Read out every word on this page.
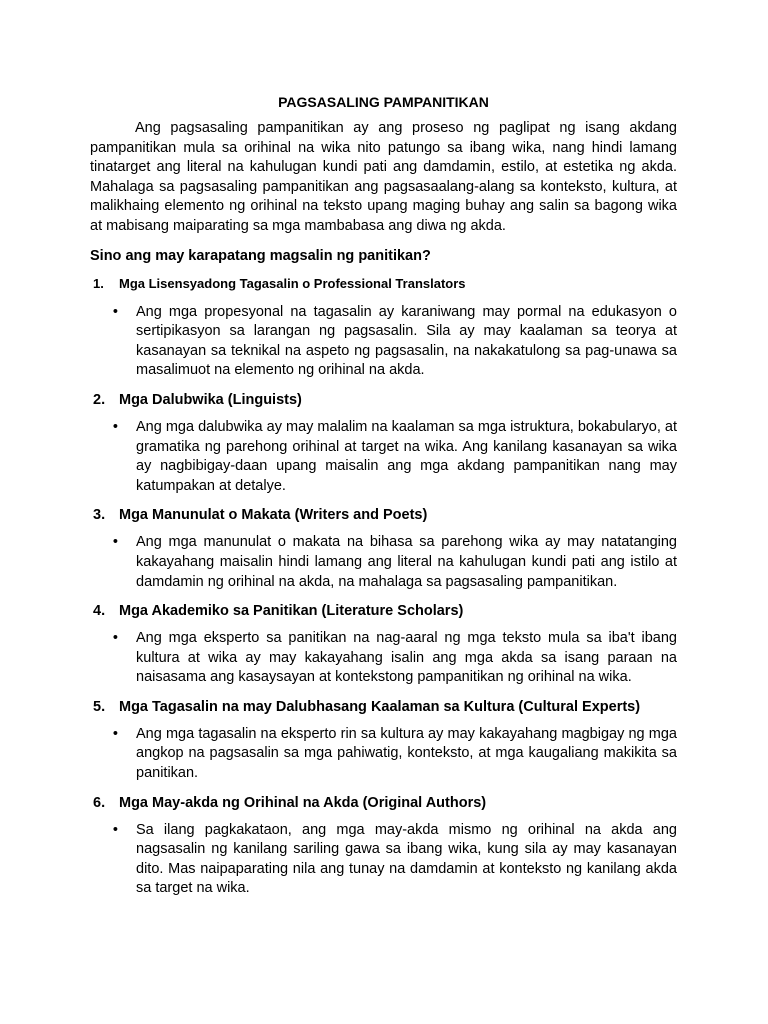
PAGSASALING PAMPANITIKAN
Ang pagsasaling pampanitikan ay ang proseso ng paglipat ng isang akdang pampanitikan mula sa orihinal na wika nito patungo sa ibang wika, nang hindi lamang tinatarget ang literal na kahulugan kundi pati ang damdamin, estilo, at estetika ng akda. Mahalaga sa pagsasaling pampanitikan ang pagsasaalang-alang sa konteksto, kultura, at malikhaing elemento ng orihinal na teksto upang maging buhay ang salin sa bagong wika at mabisang maiparating sa mga mambabasa ang diwa ng akda.
Sino ang may karapatang magsalin ng panitikan?
1.	Mga Lisensyadong Tagasalin o Professional Translators
•	Ang mga propesyonal na tagasalin ay karaniwang may pormal na edukasyon o sertipikasyon sa larangan ng pagsasalin. Sila ay may kaalaman sa teorya at kasanayan sa teknikal na aspeto ng pagsasalin, na nakakatulong sa pag-unawa sa masalimuot na elemento ng orihinal na akda.
2. Mga Dalubwika (Linguists)
•	Ang mga dalubwika ay may malalim na kaalaman sa mga istruktura, bokabularyo, at gramatika ng parehong orihinal at target na wika. Ang kanilang kasanayan sa wika ay nagbibigay-daan upang maisalin ang mga akdang pampanitikan nang may katumpakan at detalye.
3. Mga Manunulat o Makata (Writers and Poets)
•	Ang mga manunulat o makata na bihasa sa parehong wika ay may natatanging kakayahang maisalin hindi lamang ang literal na kahulugan kundi pati ang istilo at damdamin ng orihinal na akda, na mahalaga sa pagsasaling pampanitikan.
4. Mga Akademiko sa Panitikan (Literature Scholars)
•	Ang mga eksperto sa panitikan na nag-aaral ng mga teksto mula sa iba't ibang kultura at wika ay may kakayahang isalin ang mga akda sa isang paraan na naisasama ang kasaysayan at kontekstong pampanitikan ng orihinal na wika.
5. Mga Tagasalin na may Dalubhasang Kaalaman sa Kultura (Cultural Experts)
•	Ang mga tagasalin na eksperto rin sa kultura ay may kakayahang magbigay ng mga angkop na pagsasalin sa mga pahiwatig, konteksto, at mga kaugaliang makikita sa panitikan.
6. Mga May-akda ng Orihinal na Akda (Original Authors)
•	Sa ilang pagkakataon, ang mga may-akda mismo ng orihinal na akda ang nagsasalin ng kanilang sariling gawa sa ibang wika, kung sila ay may kasanayan dito. Mas naipaparating nila ang tunay na damdamin at konteksto ng kanilang akda sa target na wika.
